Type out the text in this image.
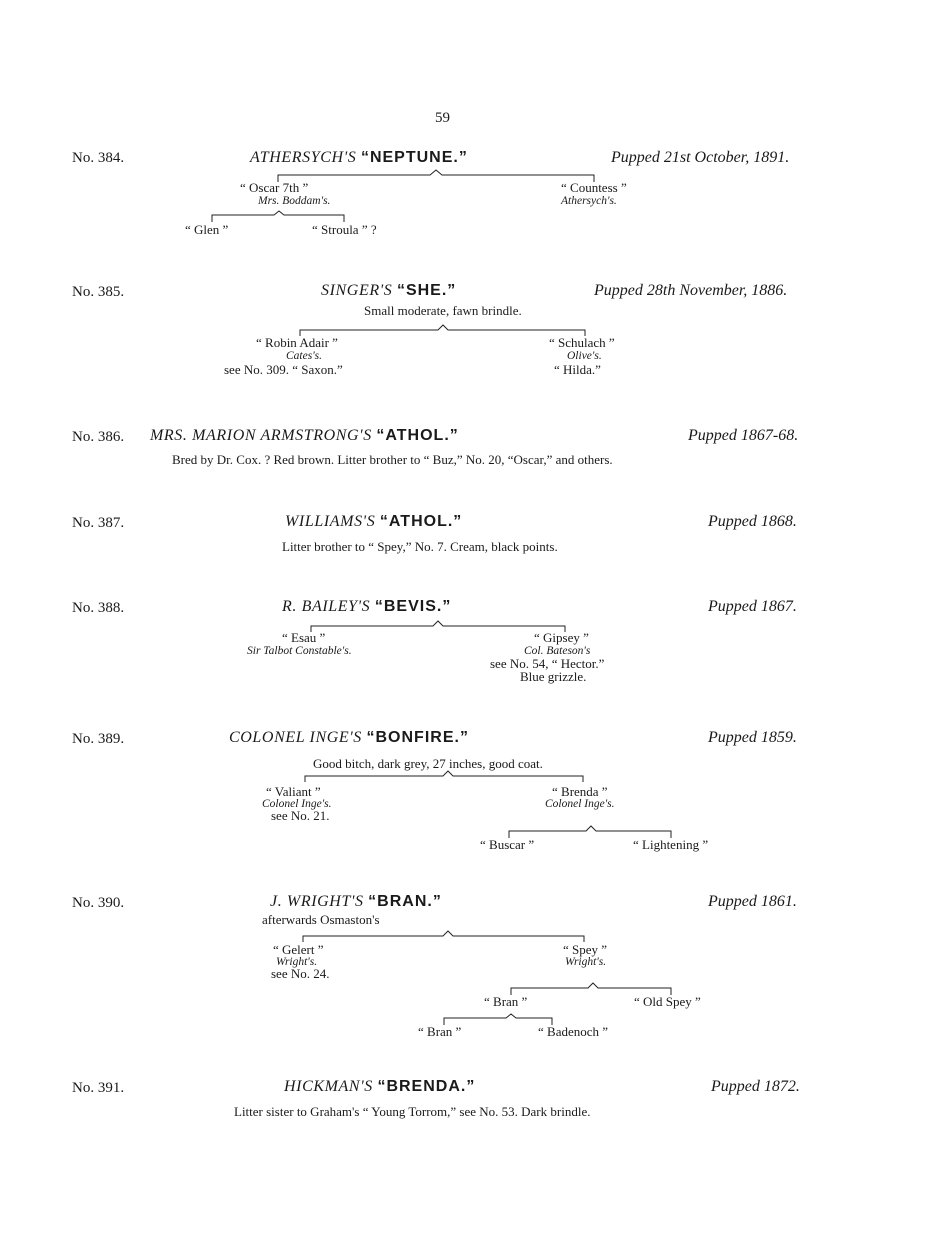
59
No. 384.	ATHERSYCH'S “NEPTUNE.”	Pupped 21st October, 1891.
“ Oscar 7th ”
Mrs. Boddam's.
“ Countess ”
Athersych's.
“ Glen ”	“ Stroula ” ?
No. 385.	SINGER'S “SHE.”	Pupped 28th November, 1886.
Small moderate, fawn brindle.
“ Robin Adair ”
Cates's.
see No. 309. “ Saxon.”
“ Schulach ”
Olive's.
“ Hilda.”
No. 386. MRS. MARION ARMSTRONG'S “ATHOL.”	Pupped 1867-68.
Bred by Dr. Cox. ? Red brown. Litter brother to “ Buz,” No. 20, “Oscar,” and others.
No. 387.	WILLIAMS'S “ATHOL.”	Pupped 1868.
Litter brother to “ Spey,” No. 7. Cream, black points.
No. 388.	R. BAILEY'S “BEVIS.”	Pupped 1867.
“ Esau ”
Sir Talbot Constable's.
“ Gipsey ”
Col. Bateson's
see No. 54, “ Hector.”
Blue grizzle.
No. 389.	COLONEL INGE'S “BONFIRE.”	Pupped 1859.
Good bitch, dark grey, 27 inches, good coat.
“ Valiant ”
Colonel Inge's.
see No. 21.
“ Brenda ”
Colonel Inge's.
“ Buscar ”	“ Lightening ”
No. 390.	J. WRIGHT'S “BRAN.”	Pupped 1861.
afterwards Osmaston's
“ Gelert ”
Wright's.
see No. 24.
“ Spey ”
Wright's.
“ Bran ”	“ Old Spey ”
“ Bran ”	“ Badenoch ”
No. 391.	HICKMAN'S “BRENDA.”	Pupped 1872.
Litter sister to Graham's “ Young Torrom,” see No. 53. Dark brindle.
